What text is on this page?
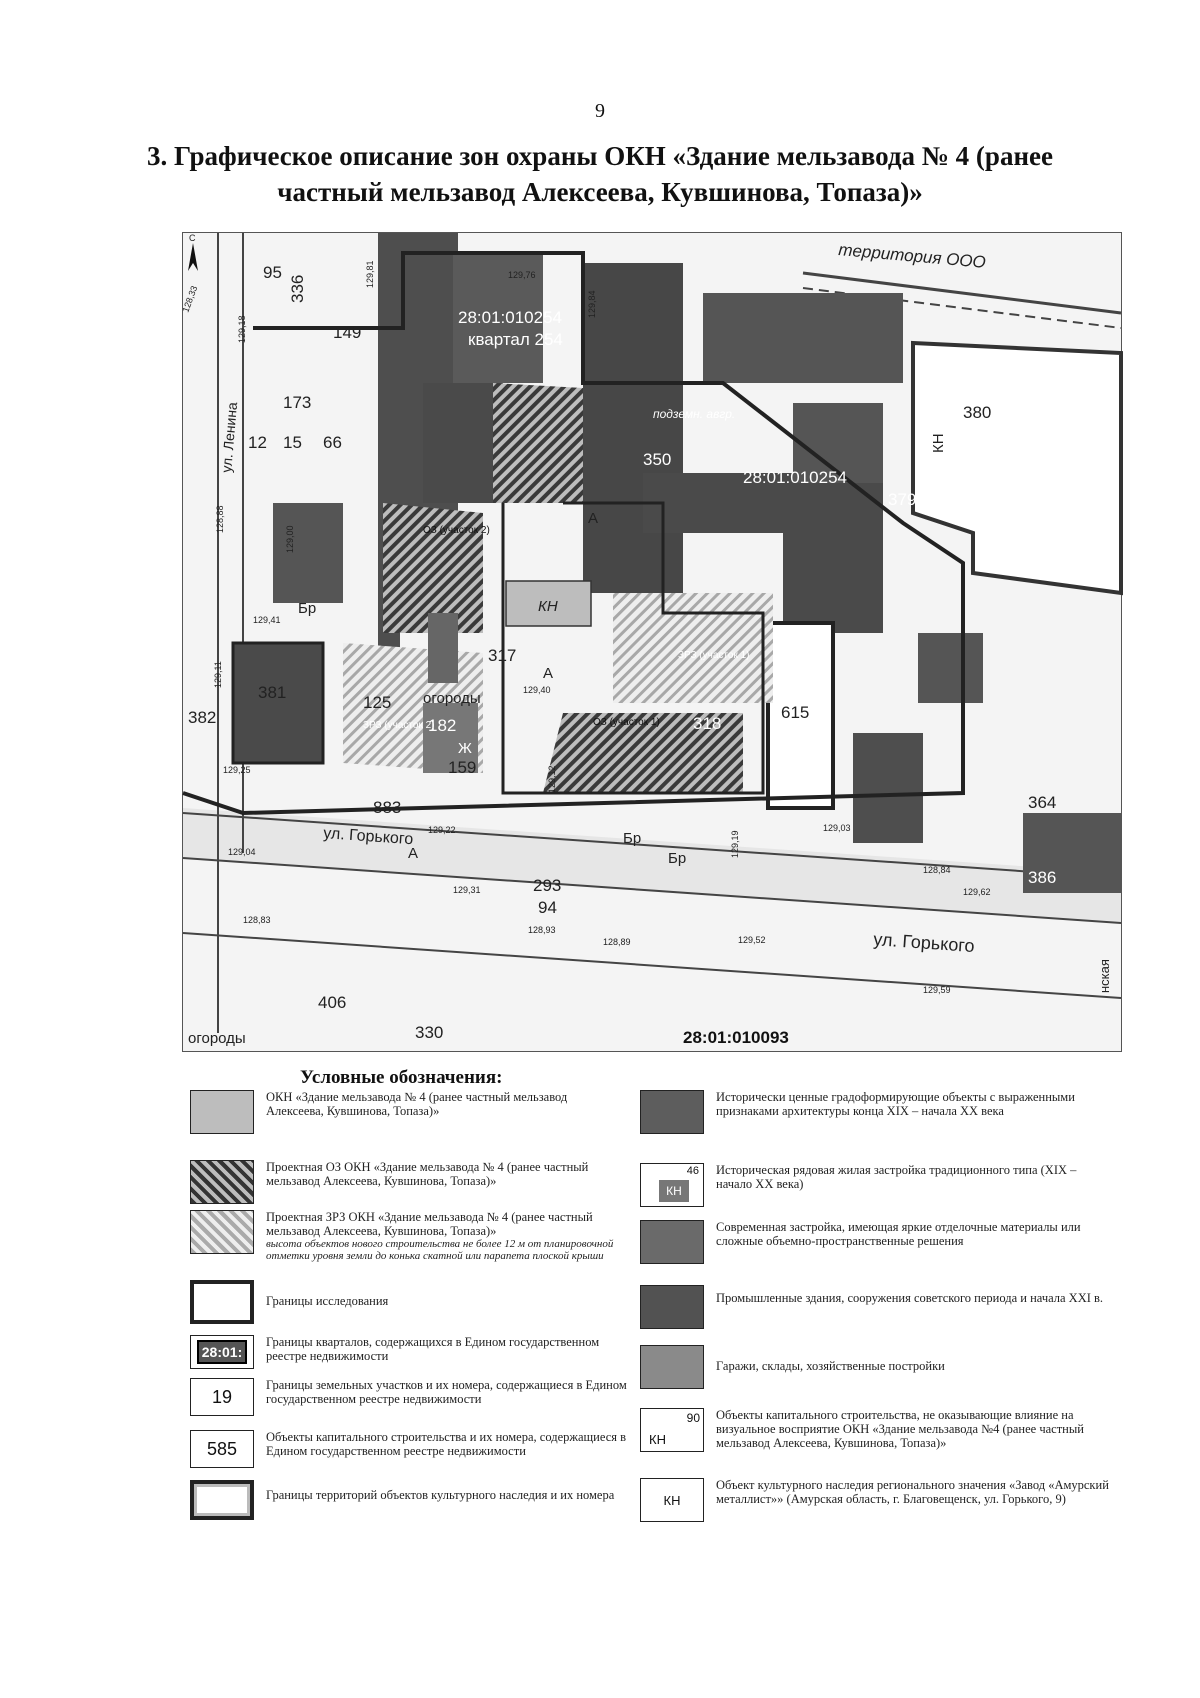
9
3. Графическое описание зон охраны ОКН «Здание мельзавода № 4 (ранее частный мельзавод Алексеева, Кувшинова, Топаза)»
С
ул. Ленина
ул. Горького
ул. Горького
нская
территория ООО
28:01:010254
квартал 254
28:01:010254
28:01:010093
подземн. авгр.
ОЗ (участок 2)
ОЗ (участок 1)
ЗРЗ (участок 1)
ЗРЗ (участок 2)
КН
КН
173
149
380
350
379
317
125
182
381
382
883
318
364
386
293
94
330
159
406
12 15 66
336
95
615
огороды
огороды
Бр
Бр
Бр
А
А
А
Ж
129,76
129,81
129,84
129,18
128,33
128,88
129,41
129,11
129,25
129,22
129,04
129,31
128,93
128,89	129,52
129,59
129,62
128,84
129,03
129,40
129,12
129,19
128,83
129,00
Условные обозначения:
ОКН «Здание мельзавода № 4 (ранее частный мельзавод Алексеева, Кувшинова, Топаза)»
Проектная ОЗ ОКН «Здание мельзавода № 4 (ранее частный мельзавод Алексеева, Кувшинова, Топаза)»
Проектная ЗРЗ ОКН «Здание мельзавода № 4 (ранее частный мельзавод Алексеева, Кувшинова, Топаза)»
высота объектов нового строительства не более 12 м от планировочной отметки уровня земли до конька скатной или парапета плоской крыши
Границы исследования
28:01:
Границы кварталов, содержащихся в Едином государственном реестре недвижимости
19
Границы земельных участков и их номера, содержащиеся в Едином государственном реестре недвижимости
585
Объекты капитального строительства и их номера, содержащиеся в Едином государственном реестре недвижимости
Границы территорий объектов культурного наследия и их номера
Исторически ценные градоформирующие объекты с выраженными признаками архитектуры конца XIX – начала XX века
КН
46 Историческая рядовая жилая застройка традиционного типа (XIX – начало XX века)
Современная застройка, имеющая яркие отделочные материалы или сложные объемно-пространственные решения
Промышленные здания, сооружения советского периода и начала XXI в.
Гаражи, склады, хозяйственные постройки
КН
90 Объекты капитального строительства, не оказывающие влияние на визуальное восприятие ОКН «Здание мельзавода №4 (ранее частный мельзавод Алексеева, Кувшинова, Топаза)»
КН
Объект культурного наследия регионального значения «Завод «Амурский металлист»» (Амурская область, г. Благовещенск, ул. Горького, 9)
